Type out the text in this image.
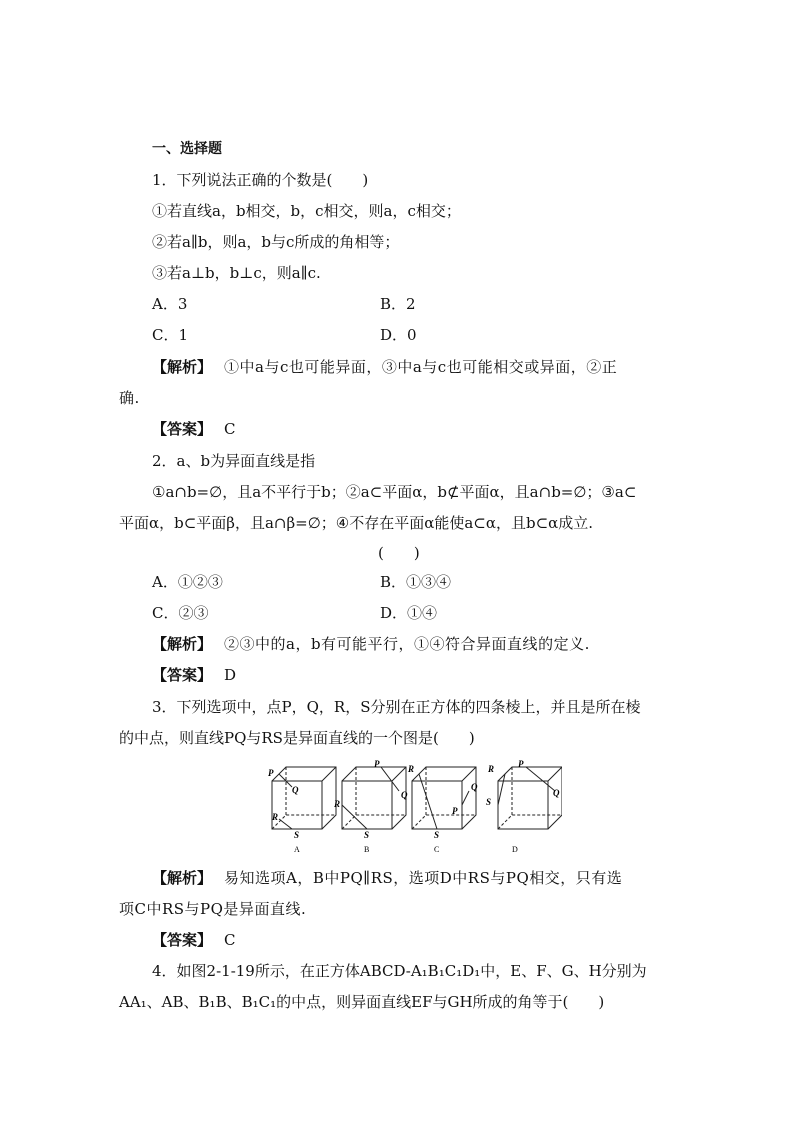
一、选择题
1．下列说法正确的个数是(　　)
①若直线a，b相交，b，c相交，则a，c相交；
②若a∥b，则a，b与c所成的角相等；
③若a⊥b，b⊥c，则a∥c.
A．3	B．2
C．1	D．0
【解析】 ①中a与c也可能异面，③中a与c也可能相交或异面，②正
确.
【答案】 C
2．a、b为异面直线是指
①a∩b=∅，且a不平行于b；②a⊂平面α，b⊄平面α，且a∩b=∅；③a⊂
平面α，b⊂平面β，且a∩β=∅；④不存在平面α能使a⊂α，且b⊂α成立.
(　　)
A．①②③	B．①③④
C．②③	D．①④
【解析】 ②③中的a，b有可能平行，①④符合异面直线的定义.
【答案】 D
3．下列选项中，点P，Q，R，S分别在正方体的四条棱上，并且是所在棱
的中点，则直线PQ与RS是异面直线的一个图是(　　)
P
Q
R
S
P
Q
R
S
P
Q
R
S
P
Q
R
S
A	B	C	D
【解析】 易知选项A，B中PQ∥RS，选项D中RS与PQ相交，只有选
项C中RS与PQ是异面直线.
【答案】 C
4．如图2-1-19所示，在正方体ABCD-A₁B₁C₁D₁中，E、F、G、H分别为
AA₁、AB、B₁B、B₁C₁的中点，则异面直线EF与GH所成的角等于(　　)
